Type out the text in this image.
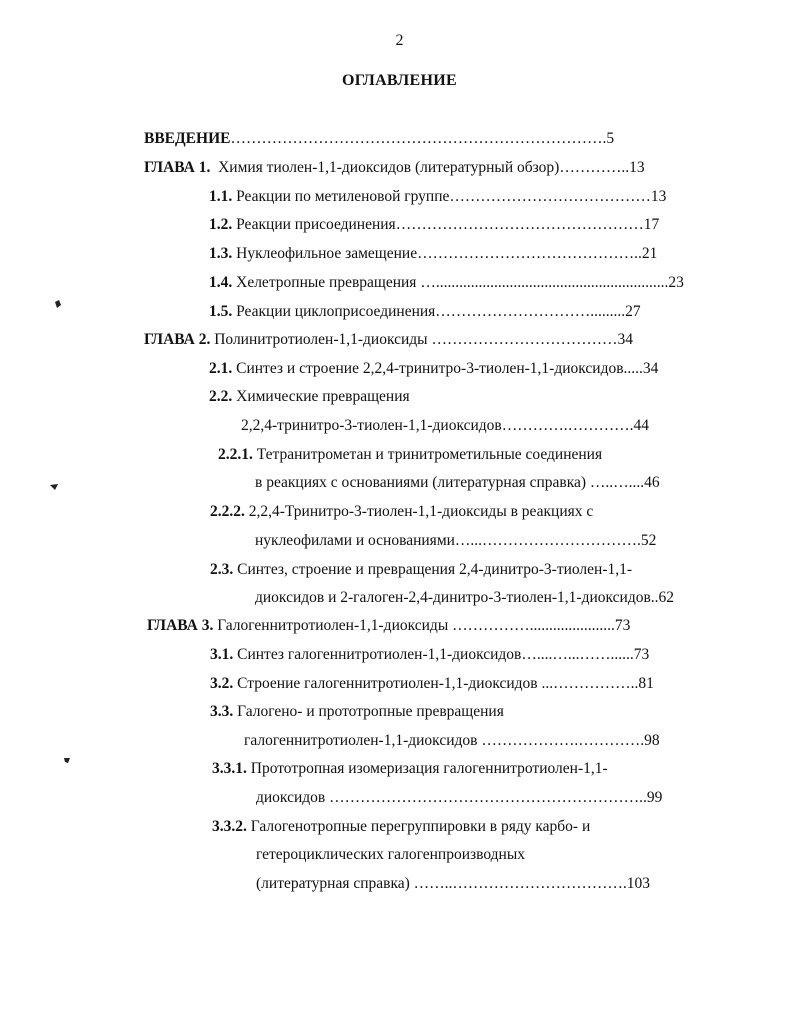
2
ОГЛАВЛЕНИЕ
ВВЕДЕНИЕ……………………………………………………………….5
ГЛАВА 1.  Химия тиолен-1,1-диоксидов (литературный обзор)…………..13
1.1. Реакции по метиленовой группе…………………………………13
1.2. Реакции присоединения…………………………………………17
1.3. Нуклеофильное замещение……………………………………..21
1.4. Хелетропные превращения …............................................................23
1.5. Реакции циклоприсоединения………………………….........27
ГЛАВА 2. Полинитротиолен-1,1-диоксиды ………………………………34
2.1. Синтез и строение 2,2,4-тринитро-3-тиолен-1,1-диоксидов.....34
2.2. Химические превращения
2,2,4-тринитро-3-тиолен-1,1-диоксидов………….………….44
2.2.1. Тетранитрометан и тринитрометильные соединения
в реакциях с основаниями (литературная справка) …..…....46
2.2.2. 2,2,4-Тринитро-3-тиолен-1,1-диоксиды в реакциях с
нуклеофилами и основаниями…...………………………….52
2.3. Синтез, строение и превращения 2,4-динитро-3-тиолен-1,1-
диоксидов и 2-галоген-2,4-динитро-3-тиолен-1,1-диоксидов..62
ГЛАВА 3. Галогеннитротиолен-1,1-диоксиды ……………......................73
3.1. Синтез галогеннитротиолен-1,1-диоксидов…....…...……......73
3.2. Строение галогеннитротиолен-1,1-диоксидов ...……………..81
3.3. Галогено- и прототропные превращения
галогеннитротиолен-1,1-диоксидов ……………….………….98
3.3.1. Прототропная изомеризация галогеннитротиолен-1,1-
диоксидов ……………………………………………………..99
3.3.2. Галогенотропные перегруппировки в ряду карбо- и
гетероциклических галогенпроизводных
(литературная справка) ……..…………………………….103
